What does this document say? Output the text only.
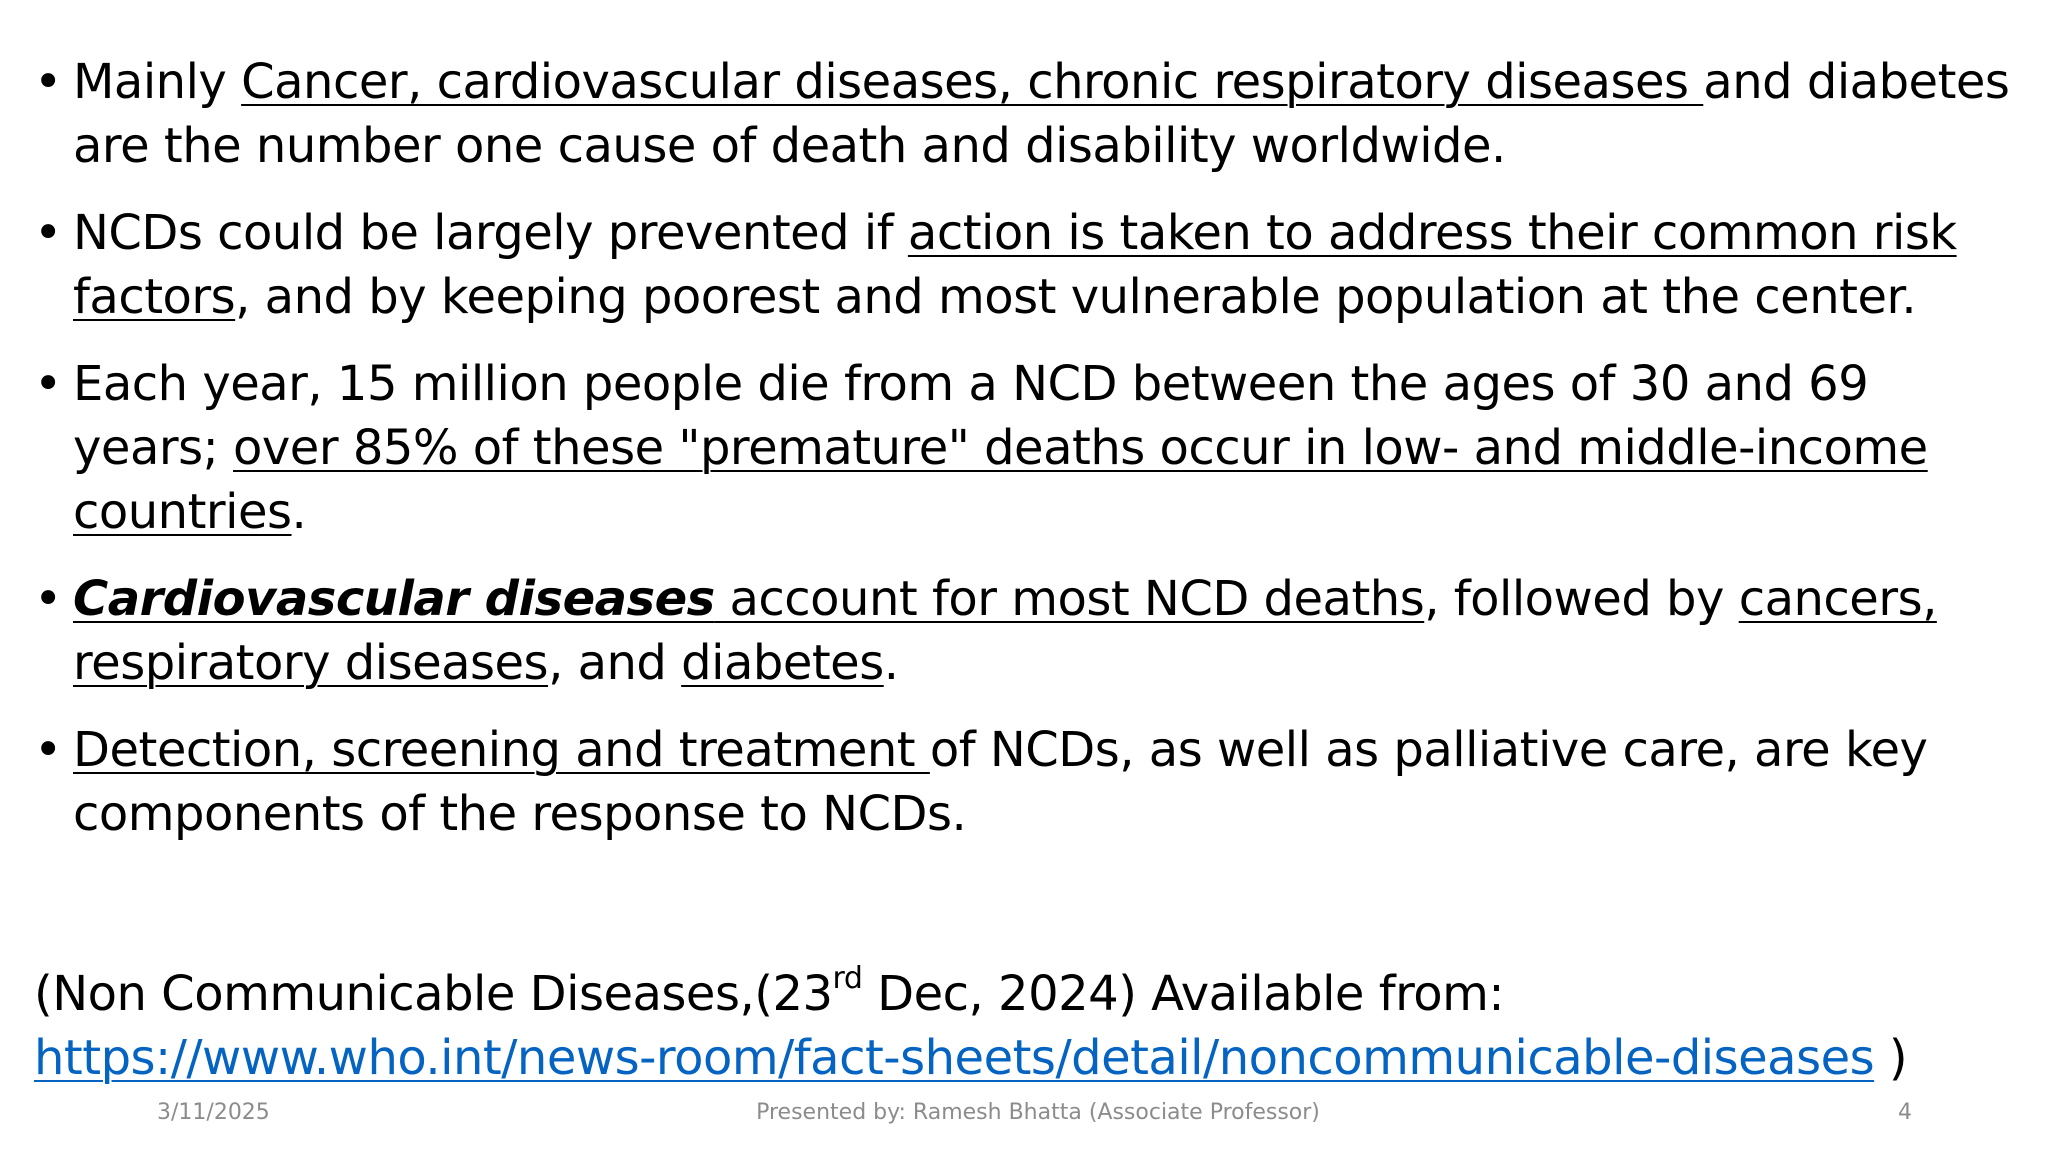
• Mainly Cancer, cardiovascular diseases, chronic respiratory diseases and diabetes are the number one cause of death and disability worldwide.
• NCDs could be largely prevented if action is taken to address their common risk factors, and by keeping poorest and most vulnerable population at the center.
• Each year, 15 million people die from a NCD between the ages of 30 and 69 years; over 85% of these "premature" deaths occur in low- and middle-income countries.
• Cardiovascular diseases account for most NCD deaths, followed by cancers, respiratory diseases, and diabetes.
• Detection, screening and treatment of NCDs, as well as palliative care, are key components of the response to NCDs.
(Non Communicable Diseases,(23rd Dec, 2024) Available from:
https://www.who.int/news-room/fact-sheets/detail/noncommunicable-diseases )
3/11/2025	Presented by: Ramesh Bhatta (Associate Professor)	4
